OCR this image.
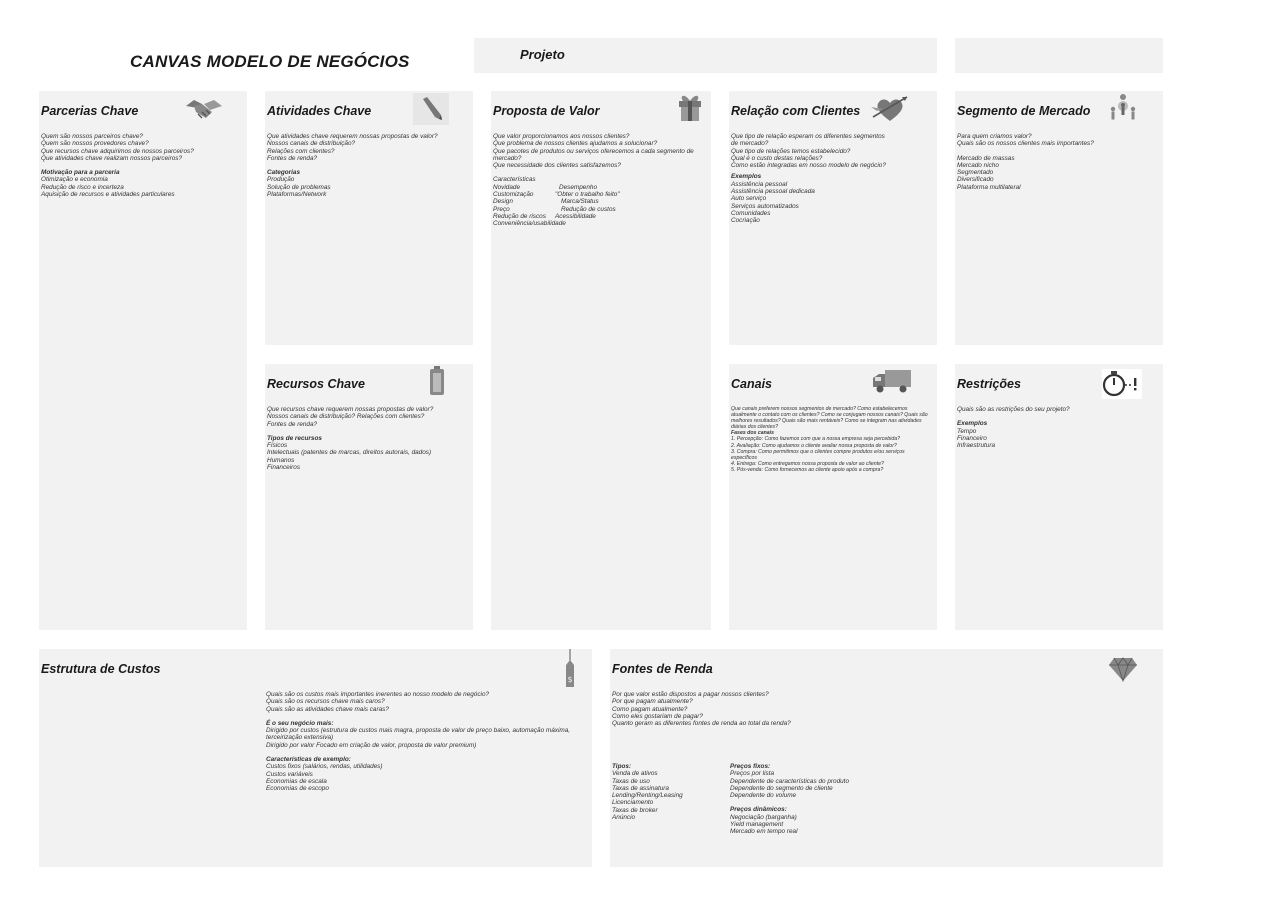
CANVAS MODELO DE NEGÓCIOS	Projeto
Parcerias Chave
Quem são nossos parceiros chave?
Quem são nossos provedores chave?
Que recursos chave adquirimos de nossos parceiros?
Que atividades chave realizam nossos parceiros?
Motivação para a parceria
Otimização e economia
Redução de risco e incerteza
Aquisição de recursos e atividades particulares
Atividades Chave
Que atividades chave requerem nossas propostas de valor?
Nossos canais de distribuição?
Relações com clientes?
Fontes de renda?
Categorias
Produção
Solução de problemas
Plataformas/Network
Recursos Chave
Que recursos chave requerem nossas propostas de valor?
Nossos canais de distribuição? Relações com clientes?
Fontes de renda?
Tipos de recursos
Físicos
Intelectuais (patentes de marcas, direitos autorais, dados)
Humanos
Financeiros
Proposta de Valor
Que valor proporcionamos aos nossos clientes?
Que problema de nossos clientes ajudamos a solucionar?
Que pacotes de produtos ou serviços oferecemos a cada segmento de mercado?
Que necessidade dos clientes satisfazemos?
Características
Novidade	Desempenho
Customização	"Obter o trabalho feito"
Design	Marca/Status
Preço	Redução de custos
Redução de riscos	Acessibilidade
Conveniência/usabilidade
Relação com Clientes
Que tipo de relação esperam os diferentes segmentos
de mercado?
Que tipo de relações temos estabelecido?
Qual é o custo destas relações?
Como estão integradas em nosso modelo de negócio?
Exemplos
Assistência pessoal
Assistência pessoal dedicada
Auto serviço
Serviços automatizados
Comunidades
Cocriação
Canais
Que canais preferem nossos segmentos de mercado? Como estabelecemos
atualmente o contato com os clientes? Como se conjugam nossos canais? Quais são
melhores resultados? Quais são mais rentáveis? Como se integram nas atividades
diárias dos clientes?
Fases dos canais
1. Percepção: Como fazemos com que a nossa empresa seja percebida?
2. Avaliação: Como ajudamos o cliente avaliar nossa proposta de valor?
3. Compra: Como permitimos que o clientes compre produtos e/ou serviços
específicos
4. Entrega: Como entregamos nossa proposta de valor ao cliente?
5. Pós-venda: Como fornecemos ao cliente apoio após a compra?
Segmento de Mercado
Para quem criamos valor?
Quais são os nossos clientes mais importantes?
Mercado de massas
Mercado nicho
Segmentado
Diversificado
Plataforma multilateral
Restrições
Quais são as restrições do seu projeto?
Exemplos
Tempo
Financeiro
Infraestrutura
Estrutura de Custos
$
Quais são os custos mais importantes inerentes ao nosso modelo de negócio?
Quais são os recursos chave mais caros?
Quais são as atividades chave mais caras?
É o seu negócio mais:
Dirigido por custos (estrutura de custos mais magra, proposta de valor de preço baixo, automação máxima,
terceirização extensiva)
Dirigido por valor Focado em criação de valor, proposta de valor premium)
Características de exemplo:
Custos fixos (salários, rendas, utilidades)
Custos variáveis
Economias de escala
Economias de escopo
Fontes de Renda
Por que valor estão dispostos a pagar nossos clientes?
Por que pagam atualmente?
Como pagam atualmente?
Como eles gostariam de pagar?
Quanto geram as diferentes fontes de renda ao total da renda?
Tipos:
Venda de ativos
Taxas de uso
Taxas de assinatura
Lending/Renting/Leasing
Licenciamento
Taxas de broker
Anúncio
Preços fixos:
Preços por lista
Dependente de características do produto
Dependente do segmento de cliente
Dependente do volume
Preços dinâmicos:
Negociação (barganha)
Yield management
Mercado em tempo real
